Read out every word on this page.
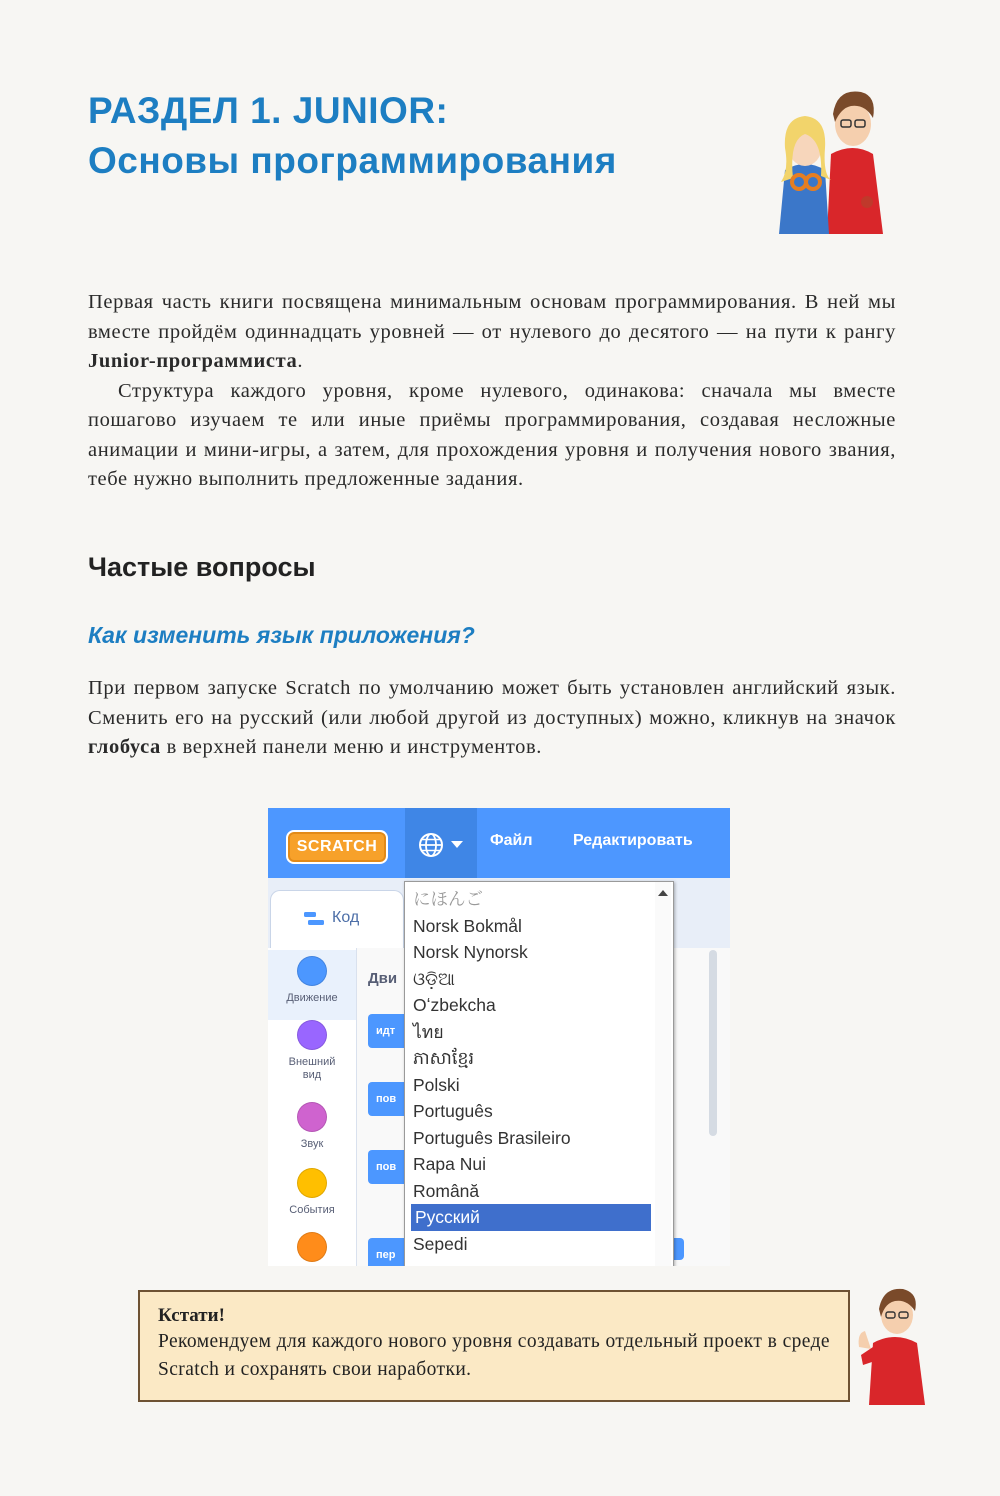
РАЗДЕЛ 1. JUNIOR:
Основы программирования
Первая часть книги посвящена минимальным основам программирования. В ней мы вместе пройдём одиннадцать уровней — от нулевого до десятого — на пути к рангу Junior-программиста.
Структура каждого уровня, кроме нулевого, одинакова: сначала мы вместе пошагово изучаем те или иные приёмы программирования, создавая несложные анимации и мини-игры, а затем, для прохождения уровня и получения нового звания, тебе нужно выполнить предложенные задания.
Частые вопросы
Как изменить язык приложения?
При первом запуске Scratch по умолчанию может быть установлен английский язык. Сменить его на русский (или любой другой из доступных) можно, кликнув на значок глобуса в верхней панели меню и инструментов.
SCRATCH	Файл	Редактировать
Код
Движение
Внешний вид
Звук
События
Дви
идт
пов
пов
пер
にほんご
Norsk Bokmål
Norsk Nynorsk
ଓଡ଼ିଆ
Oʻzbekcha
ไทย
ភាសាខ្មែរ
Polski
Português
Português Brasileiro
Rapa Nui
Română
Русский
Sepedi
Кстати!
Рекомендуем для каждого нового уровня создавать отдельный проект в среде Scratch и сохранять свои наработки.
